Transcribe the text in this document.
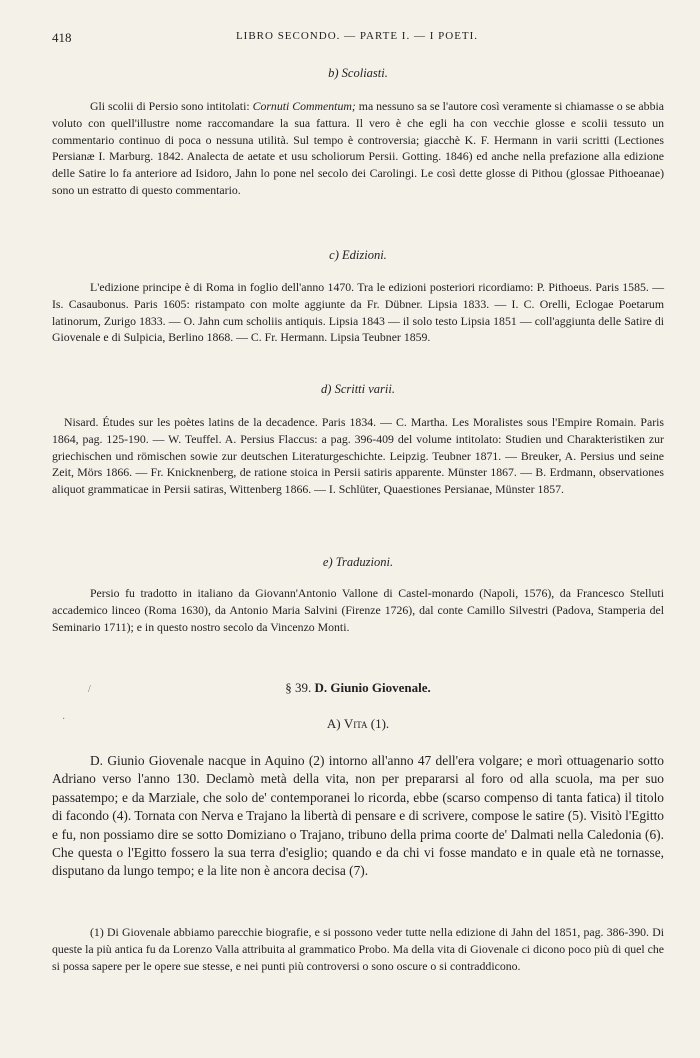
418	LIBRO SECONDO. — PARTE I. — I POETI.

b) Scoliasti.

Gli scolii di Persio sono intitolati: Cornuti Commentum; ma nessuno sa se l'autore così veramente si chiamasse o se abbia voluto con quell'illustre nome raccomandare la sua fattura. Il vero è che egli ha con vecchie glosse e scolii tessuto un commentario continuo di poca o nessuna utilità. Sul tempo è controversia; giacchè K. F. Hermann in varii scritti (Lectiones Persianæ I. Marburg. 1842. Analecta de aetate et usu scholiorum Persii. Gotting. 1846) ed anche nella prefazione alla edizione delle Satire lo fa anteriore ad Isidoro, Jahn lo pone nel secolo dei Carolingi. Le così dette glosse di Pithou (glossae Pithoeanae) sono un estratto di questo commentario.

c) Edizioni.

L'edizione principe è di Roma in foglio dell'anno 1470. Tra le edizioni posteriori ricordiamo: P. Pithoeus. Paris 1585. — Is. Casaubonus. Paris 1605: ristampato con molte aggiunte da Fr. Dübner. Lipsia 1833. — I. C. Orelli, Eclogae Poetarum latinorum, Zurigo 1833. — O. Jahn cum scholiis antiquis. Lipsia 1843 — il solo testo Lipsia 1851 — coll'aggiunta delle Satire di Giovenale e di Sulpicia, Berlino 1868. — C. Fr. Hermann. Lipsia Teubner 1859.

d) Scritti varii.

Nisard. Études sur les poètes latins de la decadence. Paris 1834. — C. Martha. Les Moralistes sous l'Empire Romain. Paris 1864, pag. 125-190. — W. Teuffel. A. Persius Flaccus: a pag. 396-409 del volume intitolato: Studien und Charakteristiken zur griechischen und römischen sowie zur deutschen Literaturgeschichte. Leipzig. Teubner 1871. — Breuker, A. Persius und seine Zeit, Mörs 1866. — Fr. Knicknenberg, de ratione stoica in Persii satiris apparente. Münster 1867. — B. Erdmann, observationes aliquot grammaticae in Persii satiras, Wittenberg 1866. — I. Schlüter, Quaestiones Persianae, Münster 1857.

e) Traduzioni.

Persio fu tradotto in italiano da Giovann'Antonio Vallone di Castel-monardo (Napoli, 1576), da Francesco Stelluti accademico linceo (Roma 1630), da Antonio Maria Salvini (Firenze 1726), dal conte Camillo Silvestri (Padova, Stamperia del Seminario 1711); e in questo nostro secolo da Vincenzo Monti.

§ 39. D. Giunio Giovenale.

A) Vita (1).

D. Giunio Giovenale nacque in Aquino (2) intorno all'anno 47 dell'era volgare; e morì ottuagenario sotto Adriano verso l'anno 130. Declamò metà della vita, non per prepararsi al foro od alla scuola, ma per suo passatempo; e da Marziale, che solo de' contemporanei lo ricorda, ebbe (scarso compenso di tanta fatica) il titolo di facondo (4). Tornata con Nerva e Trajano la libertà di pensare e di scrivere, compose le satire (5). Visitò l'Egitto e fu, non possiamo dire se sotto Domiziano o Trajano, tribuno della prima coorte de' Dalmati nella Caledonia (6). Che questa o l'Egitto fossero la sua terra d'esiglio; quando e da chi vi fosse mandato e in quale età ne tornasse, disputano da lungo tempo; e la lite non è ancora decisa (7).

(1) Di Giovenale abbiamo parecchie biografie, e si possono veder tutte nella edizione di Jahn del 1851, pag. 386-390. Di queste la più antica fu da Lorenzo Valla attribuita al grammatico Probo. Ma della vita di Giovenale ci dicono poco più di quel che si possa sapere per le opere sue stesse, e nei punti più controversi o sono oscure o si contraddicono.

/
·
